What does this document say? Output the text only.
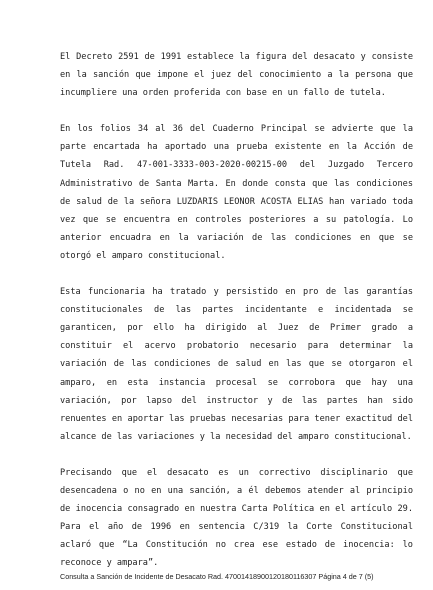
El Decreto 2591 de 1991 establece la figura del desacato y consiste en la sanción que impone el juez del conocimiento a la persona que incumpliere una orden proferida con base en un fallo de tutela.

En los folios 34 al 36 del Cuaderno Principal se advierte que la parte encartada ha aportado una prueba existente en la Acción de Tutela Rad. 47-001-3333-003-2020-00215-00 del Juzgado Tercero Administrativo de Santa Marta. En donde consta que las condiciones de salud de la señora LUZDARIS LEONOR ACOSTA ELIAS han variado toda vez que se encuentra en controles posteriores a su patología. Lo anterior encuadra en la variación de las condiciones en que se otorgó el amparo constitucional.

Esta funcionaria ha tratado y persistido en pro de las garantías constitucionales de las partes incidentante e incidentada se garanticen, por ello ha dirigido al Juez de Primer grado a constituir el acervo probatorio necesario para determinar la variación de las condiciones de salud en las que se otorgaron el amparo, en esta instancia procesal se corrobora que hay una variación, por lapso del instructor y de las partes han sido renuentes en aportar las pruebas necesarias para tener exactitud del alcance de las variaciones y la necesidad del amparo constitucional.

Precisando que el desacato es un correctivo disciplinario que desencadena o no en una sanción, a él debemos atender al principio de inocencia consagrado en nuestra Carta Política en el artículo 29. Para el año de 1996 en sentencia C/319 la Corte Constitucional aclaró que “La Constitución no crea ese estado de inocencia: lo reconoce y ampara”.

Consulta a Sanción de Incidente de Desacato Rad. 47001418900120180116307 Página 4 de 7 (5)
